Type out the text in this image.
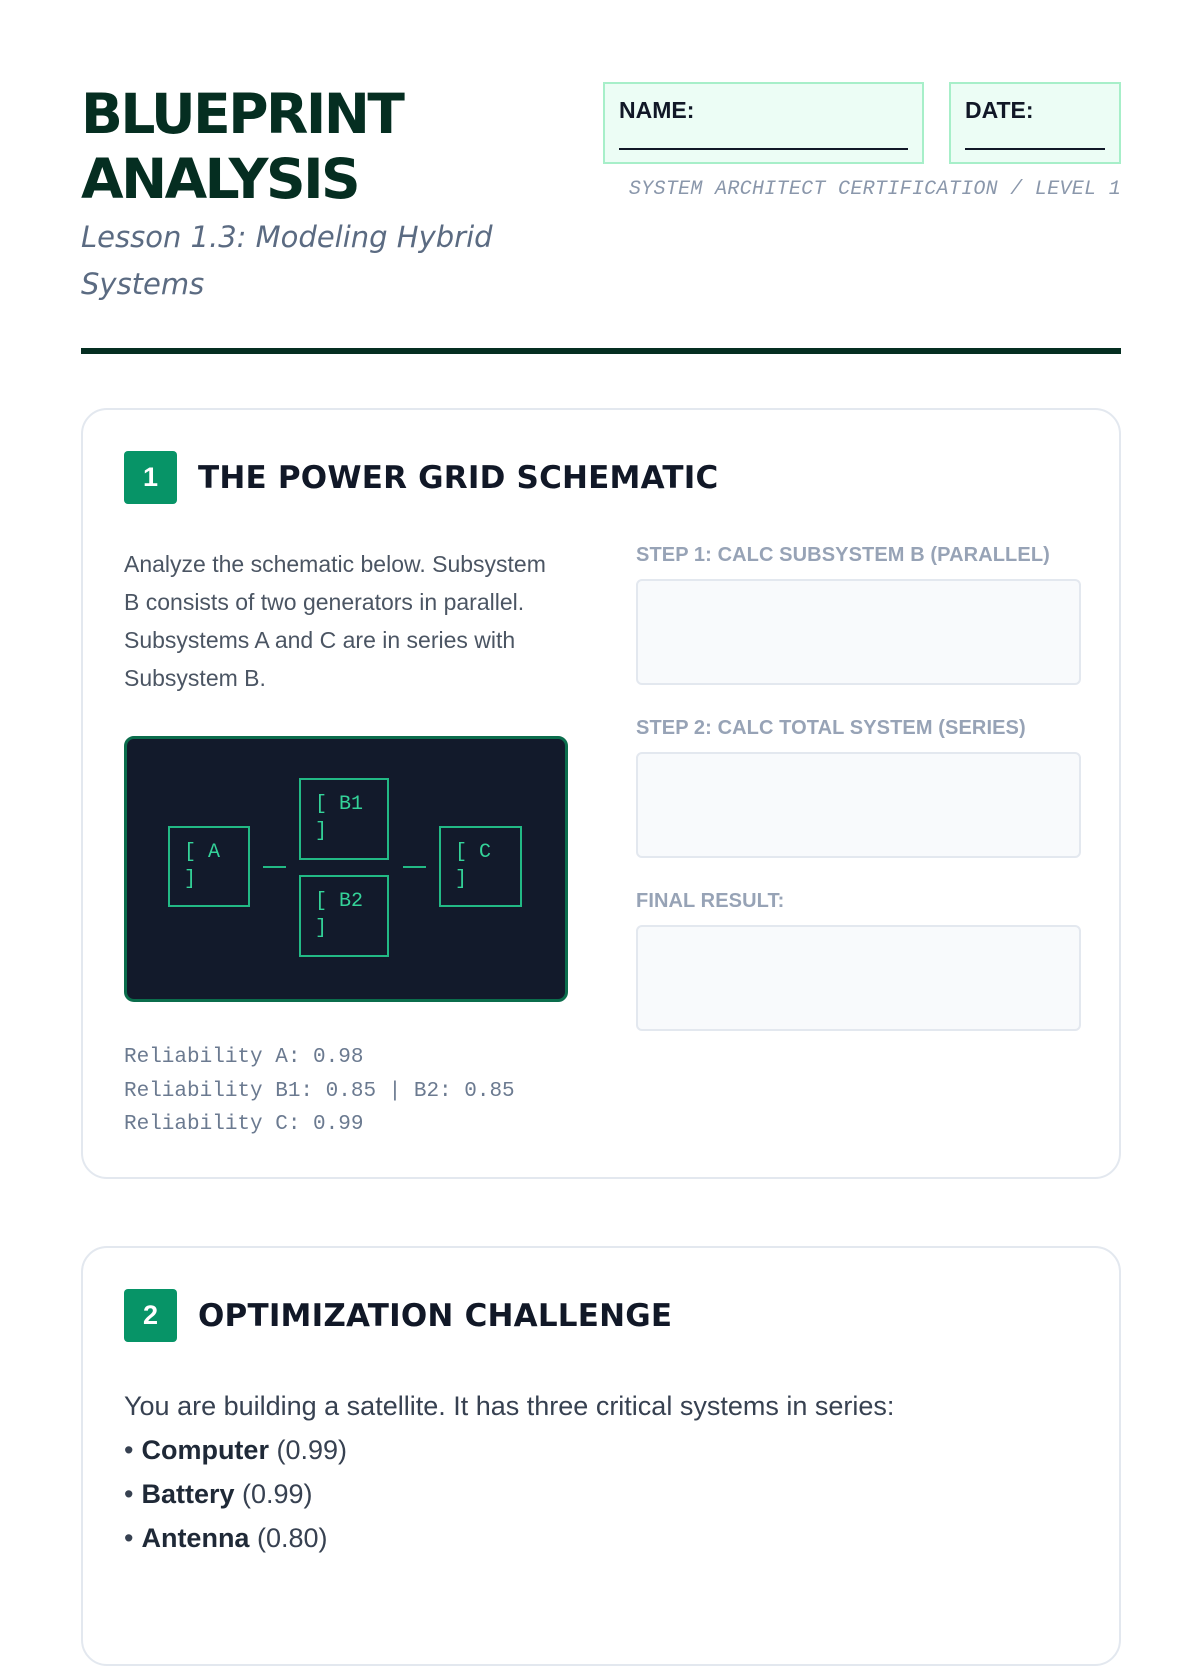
BLUEPRINT
ANALYSIS

Lesson 1.3: Modeling Hybrid Systems

NAME:	DATE:
SYSTEM ARCHITECT CERTIFICATION / LEVEL 1
1	THE POWER GRID SCHEMATIC

Analyze the schematic below. Subsystem B consists of two generators in parallel. Subsystems A and C are in series with Subsystem B.

[ A
]
[ B1
]
[ B2
]
[ C
]
Reliability A: 0.98
Reliability B1: 0.85 | B2: 0.85
Reliability C: 0.99
STEP 1: CALC SUBSYSTEM B (PARALLEL)
STEP 2: CALC TOTAL SYSTEM (SERIES)
FINAL RESULT:
2	OPTIMIZATION CHALLENGE

You are building a satellite. It has three critical systems in series:

• Computer (0.99)
• Battery (0.99)
• Antenna (0.80)
